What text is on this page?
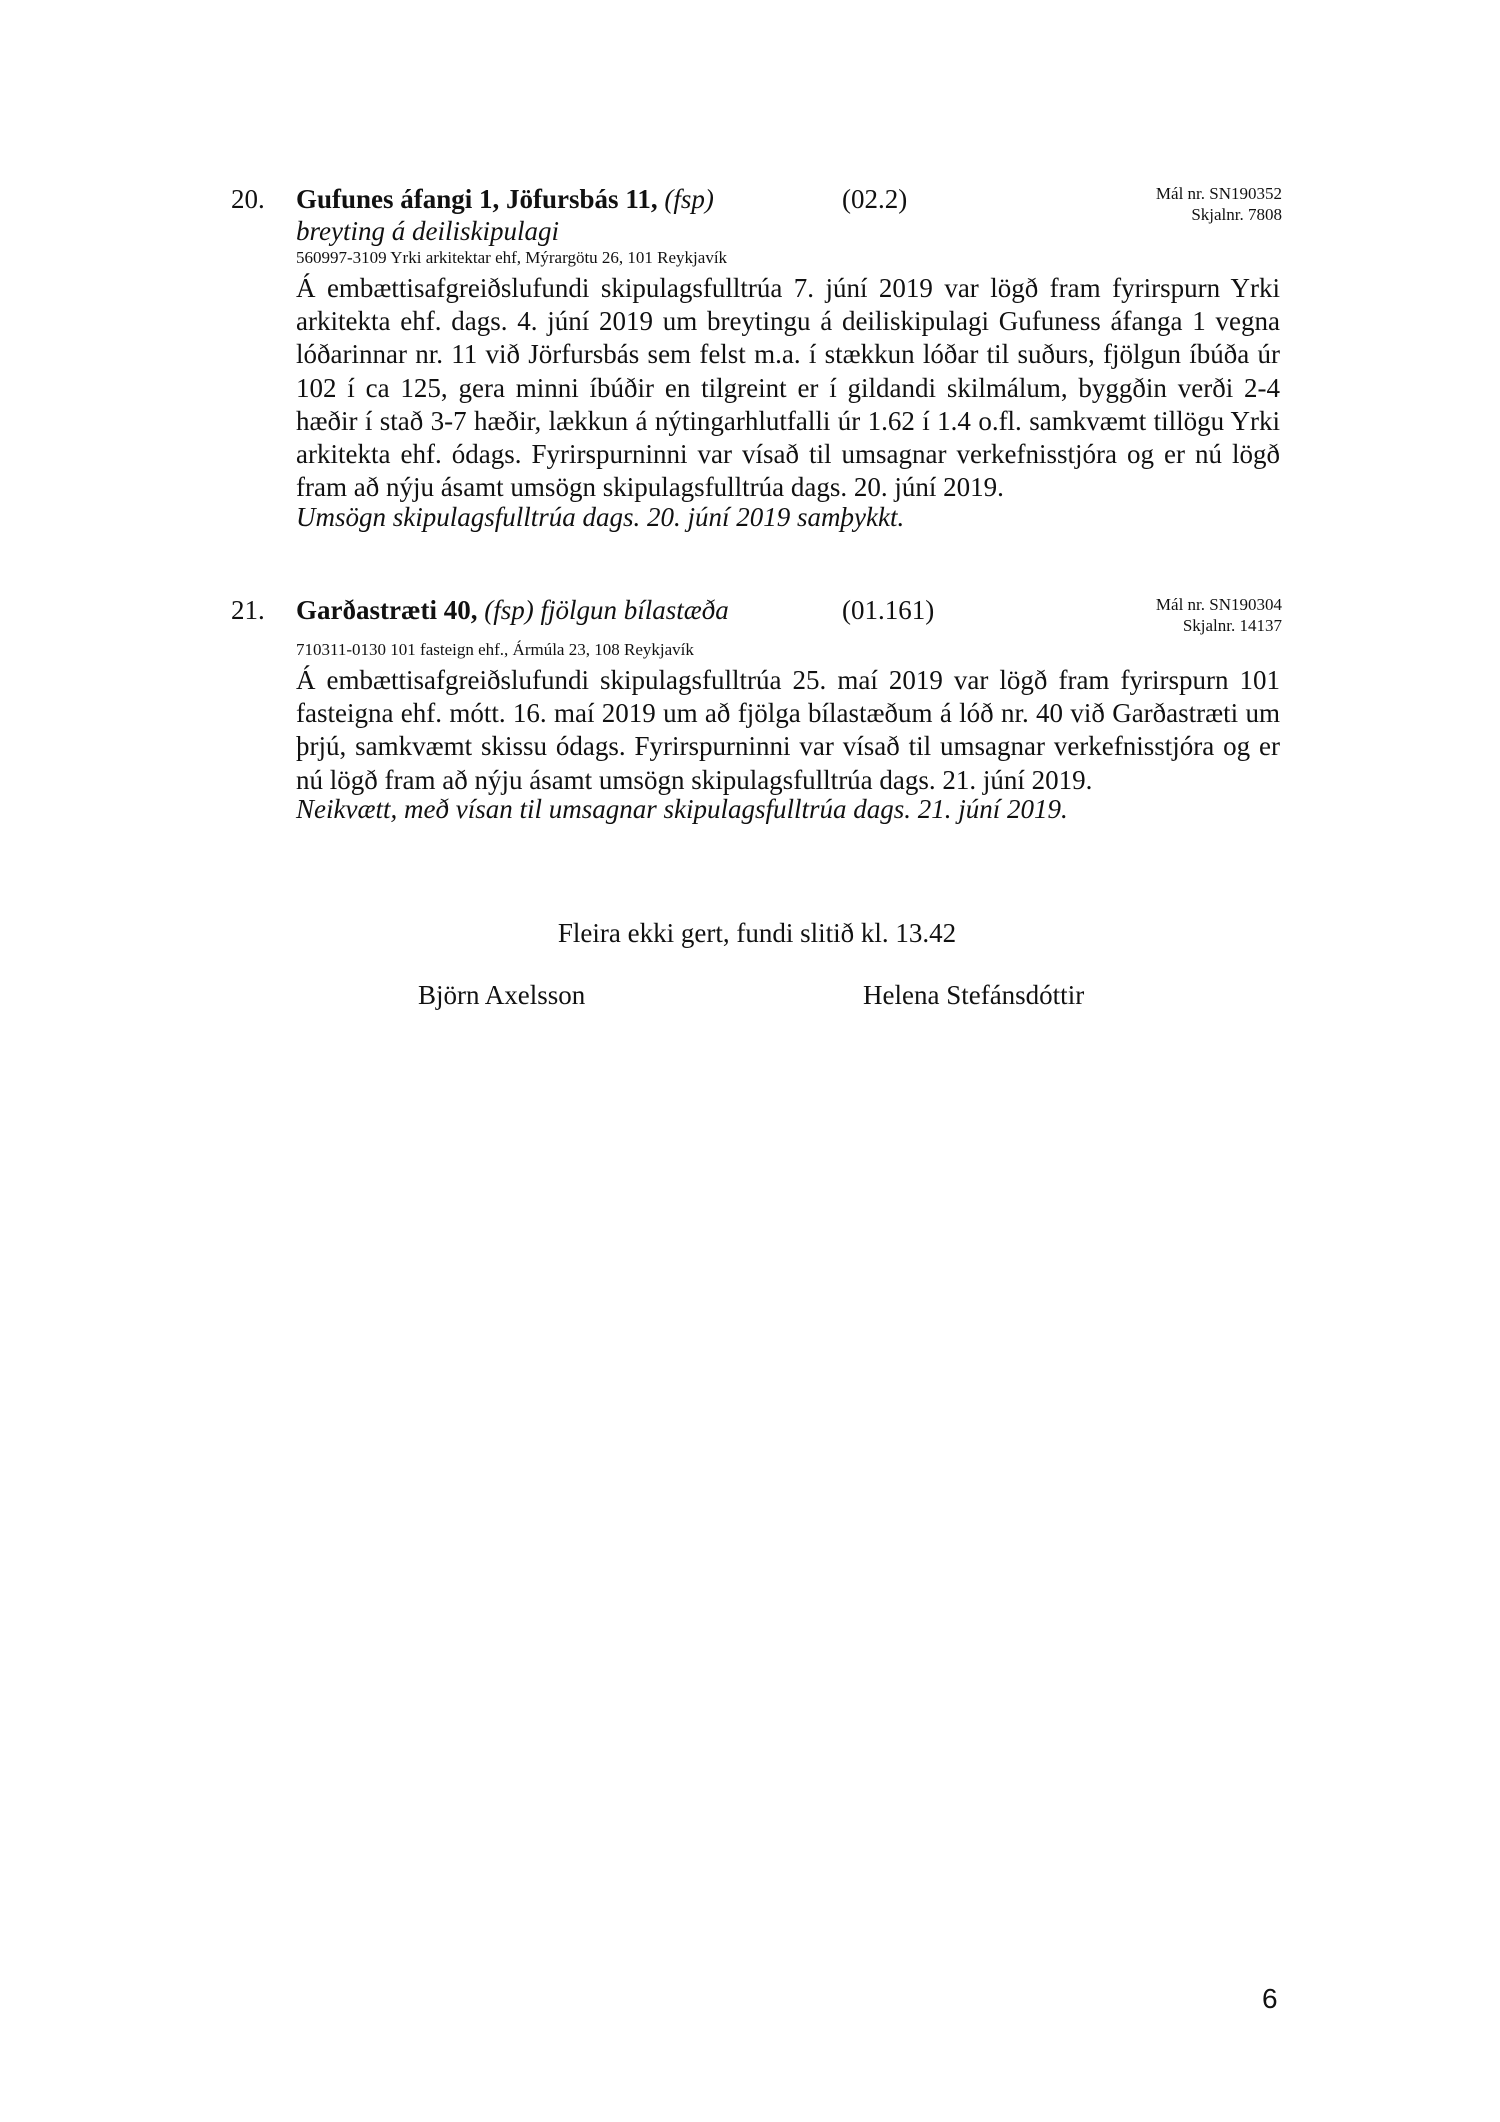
20. Gufunes áfangi 1, Jöfursbás 11, (fsp)	(02.2)	Mál nr. SN190352
Skjalnr. 7808
breyting á deiliskipulagi
560997-3109 Yrki arkitektar ehf, Mýrargötu 26, 101 Reykjavík

Á embættisafgreiðslufundi skipulagsfulltrúa 7. júní 2019 var lögð fram fyrirspurn Yrki arkitekta ehf. dags. 4. júní 2019 um breytingu á deiliskipulagi Gufuness áfanga 1 vegna lóðarinnar nr. 11 við Jörfursbás sem felst m.a. í stækkun lóðar til suðurs, fjölgun íbúða úr 102 í ca 125, gera minni íbúðir en tilgreint er í gildandi skilmálum, byggðin verði 2-4 hæðir í stað 3-7 hæðir, lækkun á nýtingarhlutfalli úr 1.62 í 1.4 o.fl. samkvæmt tillögu Yrki arkitekta ehf. ódags. Fyrirspurninni var vísað til umsagnar verkefnisstjóra og er nú lögð fram að nýju ásamt umsögn skipulagsfulltrúa dags. 20. júní 2019.

Umsögn skipulagsfulltrúa dags. 20. júní 2019 samþykkt.
21. Garðastræti 40, (fsp) fjölgun bílastæða	(01.161)	Mál nr. SN190304
Skjalnr. 14137
710311-0130 101 fasteign ehf., Ármúla 23, 108 Reykjavík

Á embættisafgreiðslufundi skipulagsfulltrúa 25. maí 2019 var lögð fram fyrirspurn 101 fasteigna ehf. mótt. 16. maí 2019 um að fjölga bílastæðum á lóð nr. 40 við Garðastræti um þrjú, samkvæmt skissu ódags. Fyrirspurninni var vísað til umsagnar verkefnisstjóra og er nú lögð fram að nýju ásamt umsögn skipulagsfulltrúa dags. 21. júní 2019.

Neikvætt, með vísan til umsagnar skipulagsfulltrúa dags. 21. júní 2019.
Fleira ekki gert, fundi slitið kl. 13.42
Björn Axelsson	Helena Stefánsdóttir
6
